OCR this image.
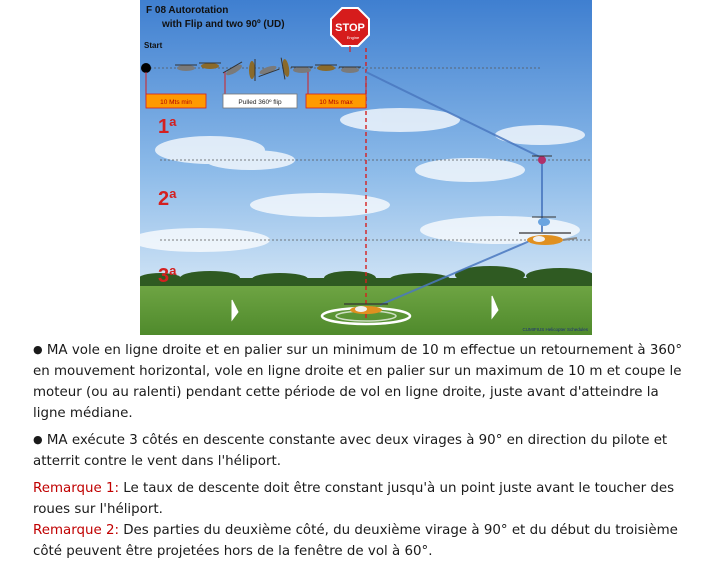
10 Mts min	Pulled 360º flip	10 Mts max
F 08 Autorotation
with Flip and two 90º (UD)
Start
STOP
Engine
1ª
2ª
3ª
CUMIFIUS Helicopter Schedules

● MA vole en ligne droite et en palier sur un minimum de 10 m effectue un retournement à 360° en mouvement horizontal, vole en ligne droite et en palier sur un maximum de 10 m et coupe le moteur (ou au ralenti) pendant cette période de vol en ligne droite, juste avant d'atteindre la ligne médiane.

● MA exécute 3 côtés en descente constante avec deux virages à 90° en direction du pilote et atterrit contre le vent dans l'héliport.

Remarque 1: Le taux de descente doit être constant jusqu'à un point juste avant le toucher des roues sur l'héliport.

Remarque 2: Des parties du deuxième côté, du deuxième virage à 90° et du début du troisième côté peuvent être projetées hors de la fenêtre de vol à 60°.
